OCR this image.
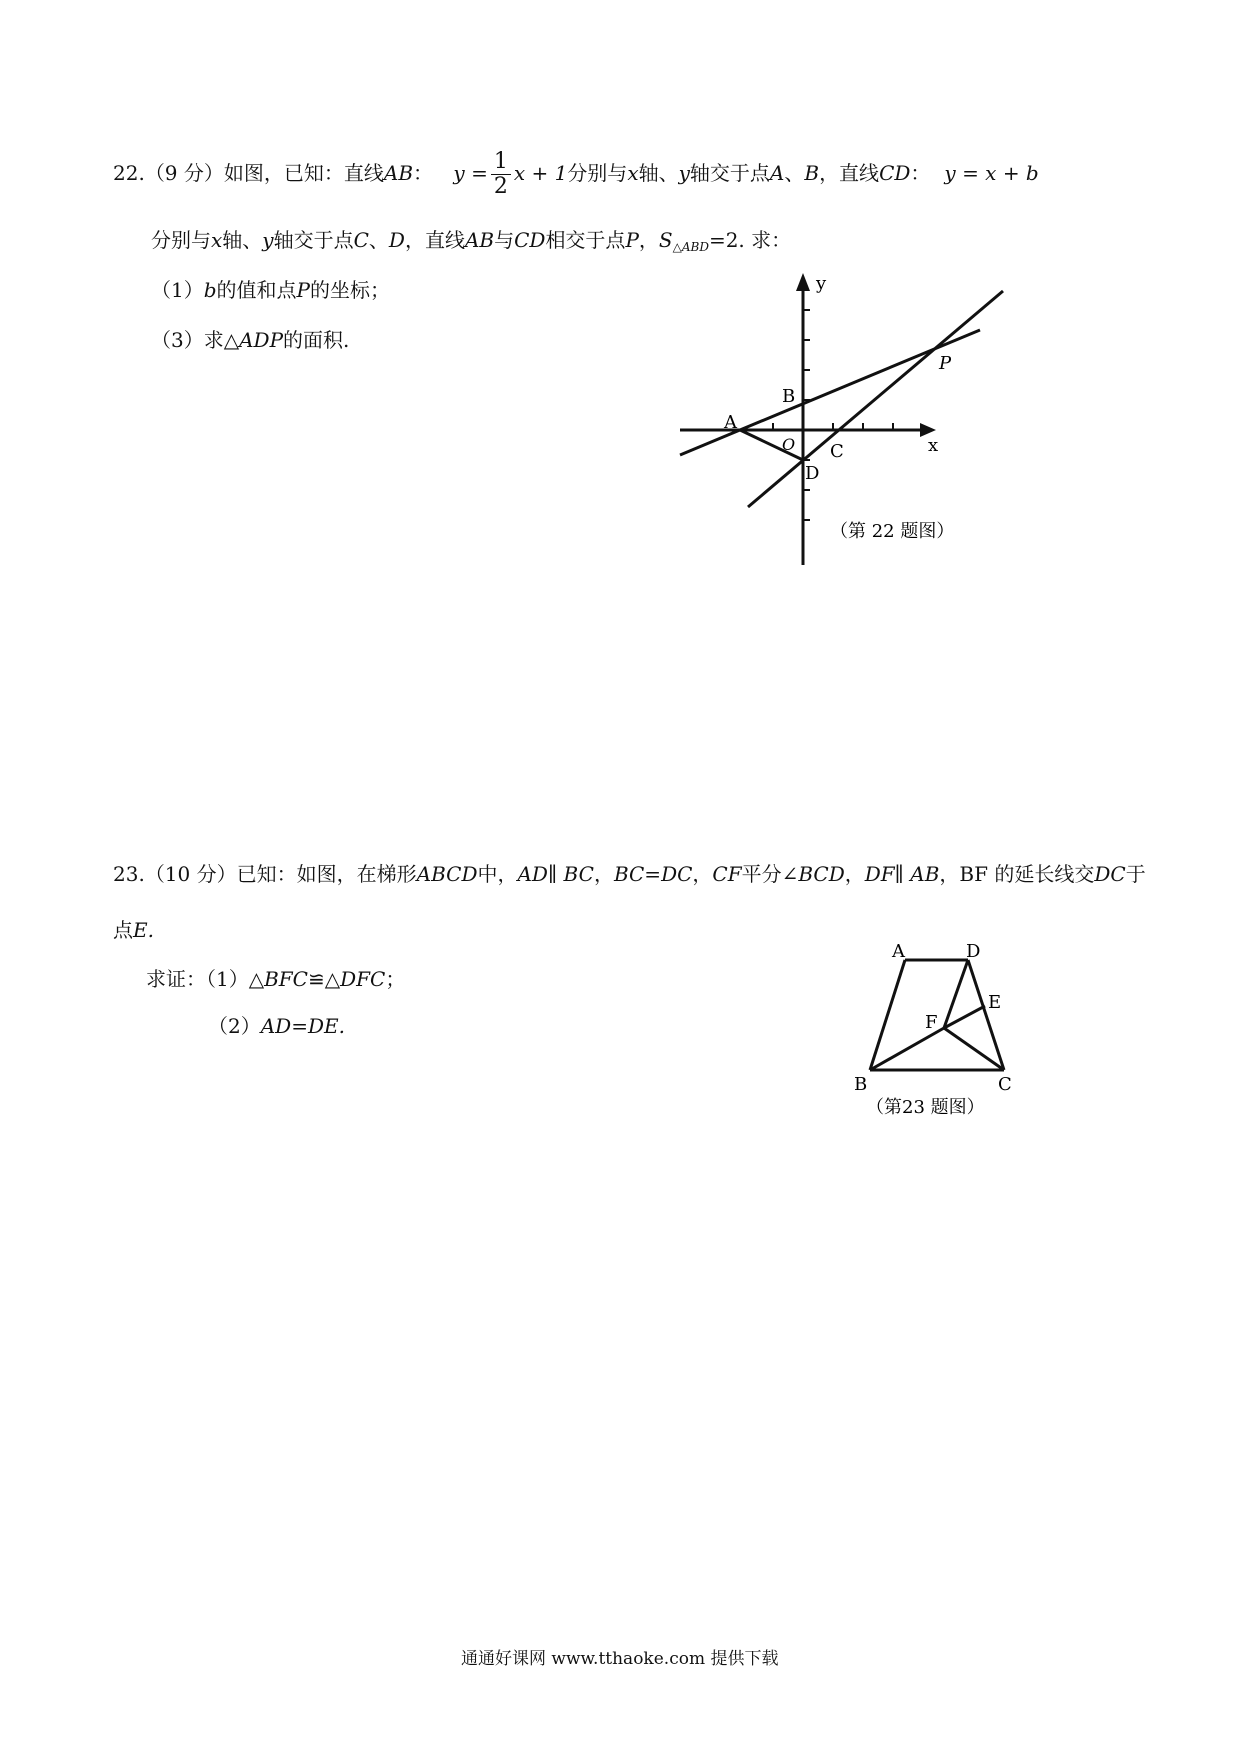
22.（9 分）如图，已知：直线AB： $y = \frac{1}{2}$ x + 1分别与x轴、y轴交于点A、B，直线CD： y = x + b
分别与x轴、y轴交于点C、D，直线AB与CD相交于点P，$S_{\triangle ABD}=2$. 求：
（1）b的值和点P的坐标；
（3）求△ADP的面积.
y
x
A
B
O C
D
P
（第 22 题图）
23.（10 分）已知：如图，在梯形ABCD中，AD∥ BC，BC=DC，CF平分∠BCD，DF∥ AB，BF 的延长线交DC于
点E.
求证：（1）△BFC≌△DFC；
（2）AD=DE.
A	D
E
F
B	C
（第23 题图）
通通好课网 www.tthaoke.com 提供下载
